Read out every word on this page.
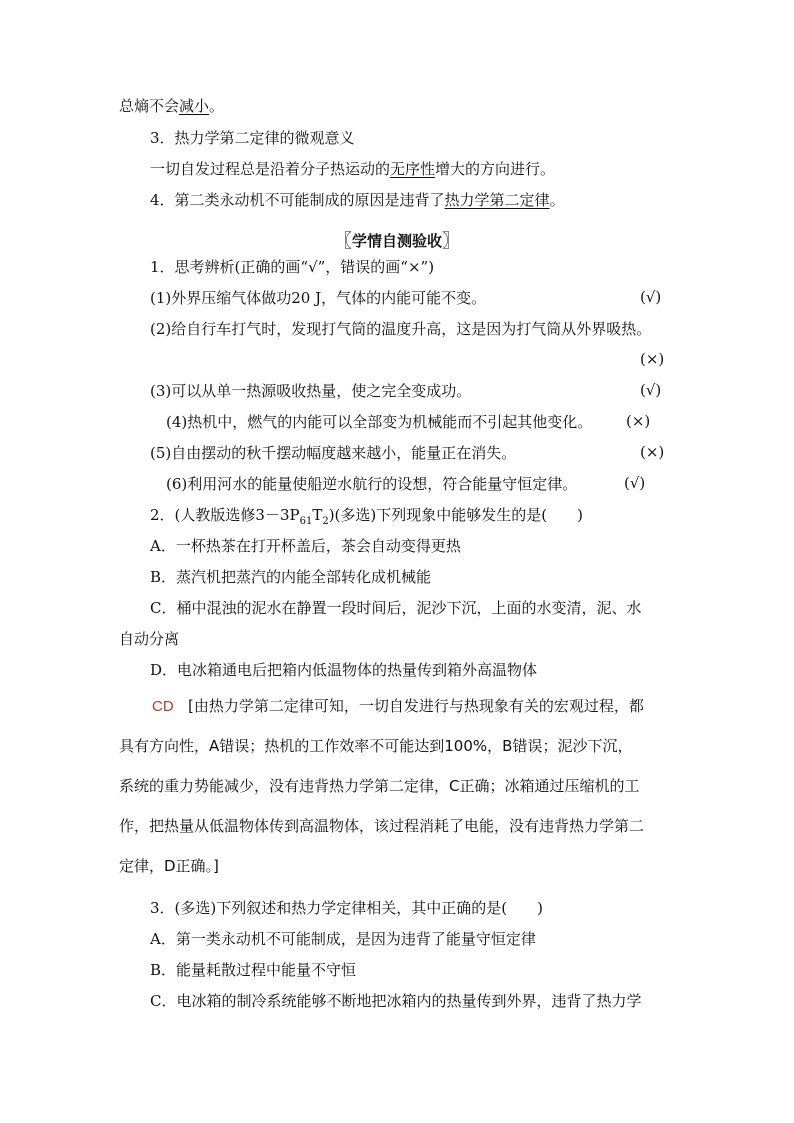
总熵不会减小。
3．热力学第二定律的微观意义
一切自发过程总是沿着分子热运动的无序性增大的方向进行。
4．第二类永动机不可能制成的原因是违背了热力学第二定律。
〖学情自测验收〗
1．思考辨析(正确的画“√”，错误的画“×”)
(1)外界压缩气体做功20 J，气体的内能可能不变。	(√)
(2)给自行车打气时，发现打气筒的温度升高，这是因为打气筒从外界吸热。
(×)
(3)可以从单一热源吸收热量，使之完全变成功。	(√)
(4)热机中，燃气的内能可以全部变为机械能而不引起其他变化。 (×)
(5)自由摆动的秋千摆动幅度越来越小，能量正在消失。	(×)
(6)利用河水的能量使船逆水航行的设想，符合能量守恒定律。	(√)
2．(人教版选修$3-3P_{61}T_2$)(多选)下列现象中能够发生的是(　　)
A．一杯热茶在打开杯盖后，茶会自动变得更热
B．蒸汽机把蒸汽的内能全部转化成机械能
C．桶中混浊的泥水在静置一段时间后，泥沙下沉，上面的水变清，泥、水
自动分离
D．电冰箱通电后把箱内低温物体的热量传到箱外高温物体
CD [由热力学第二定律可知，一切自发进行与热现象有关的宏观过程，都
具有方向性，A错误；热机的工作效率不可能达到100%，B错误；泥沙下沉，
系统的重力势能减少，没有违背热力学第二定律，C正确；冰箱通过压缩机的工
作，把热量从低温物体传到高温物体，该过程消耗了电能，没有违背热力学第二
定律，D正确。]
3．(多选)下列叙述和热力学定律相关，其中正确的是(　　)
A．第一类永动机不可能制成，是因为违背了能量守恒定律
B．能量耗散过程中能量不守恒
C．电冰箱的制冷系统能够不断地把冰箱内的热量传到外界，违背了热力学
